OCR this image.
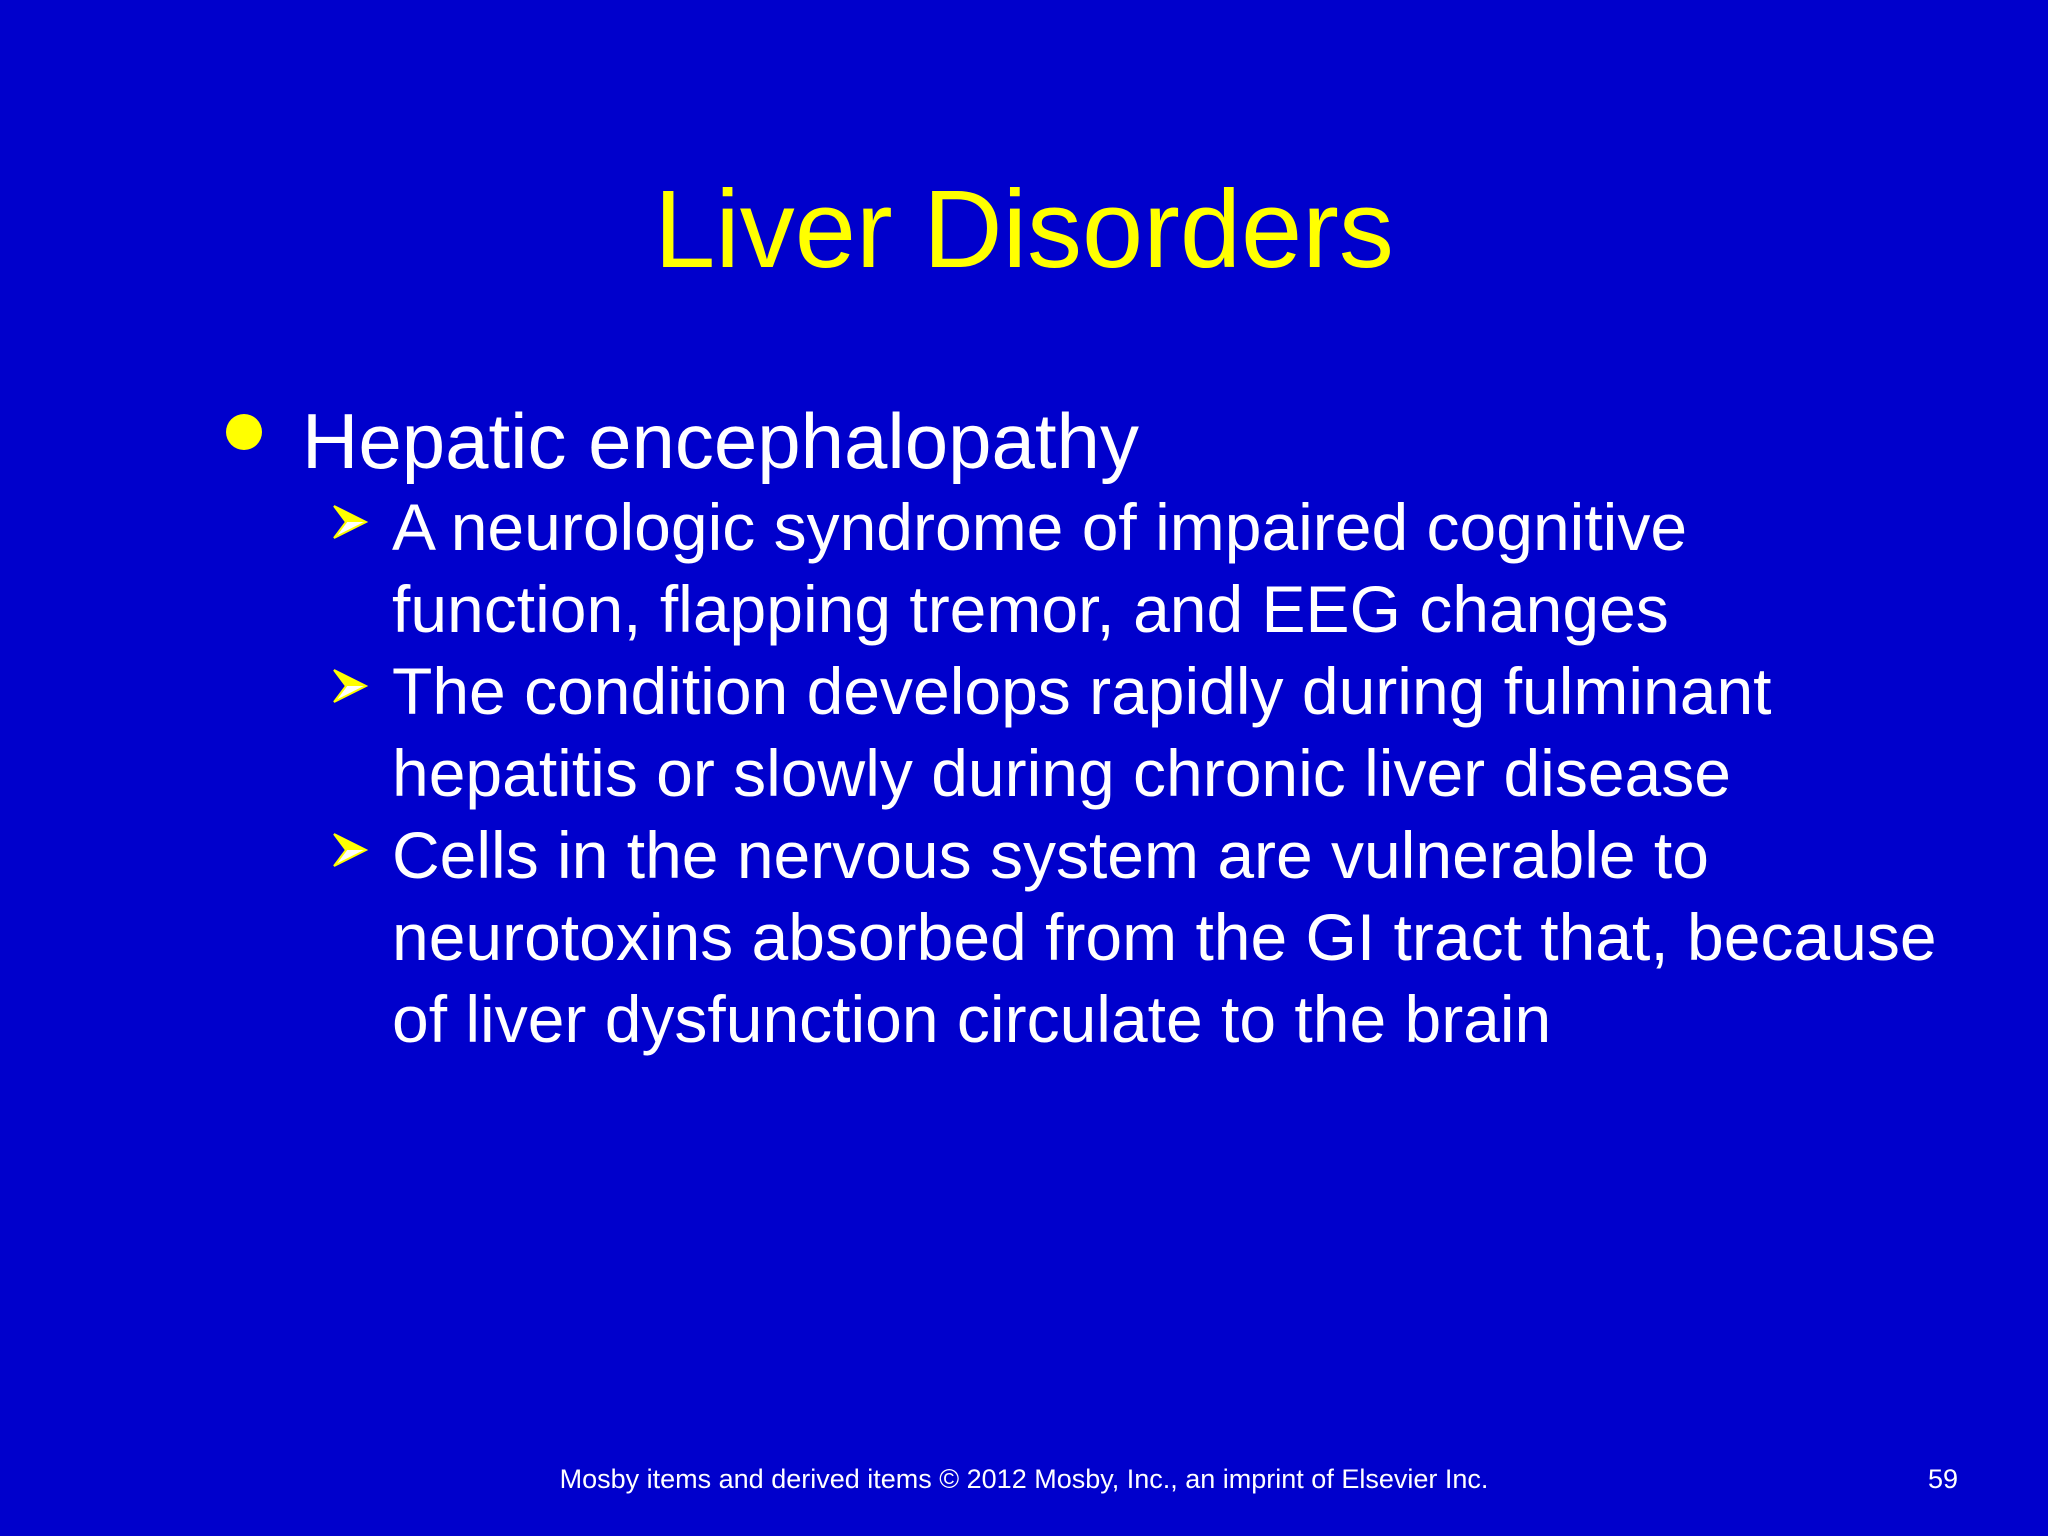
Liver Disorders
Hepatic encephalopathy
A neurologic syndrome of impaired cognitive function, flapping tremor, and EEG changes
The condition develops rapidly during fulminant hepatitis or slowly during chronic liver disease
Cells in the nervous system are vulnerable to neurotoxins absorbed from the GI tract that, because of liver dysfunction circulate to the brain
Mosby items and derived items © 2012 Mosby, Inc., an imprint of Elsevier Inc.	59
